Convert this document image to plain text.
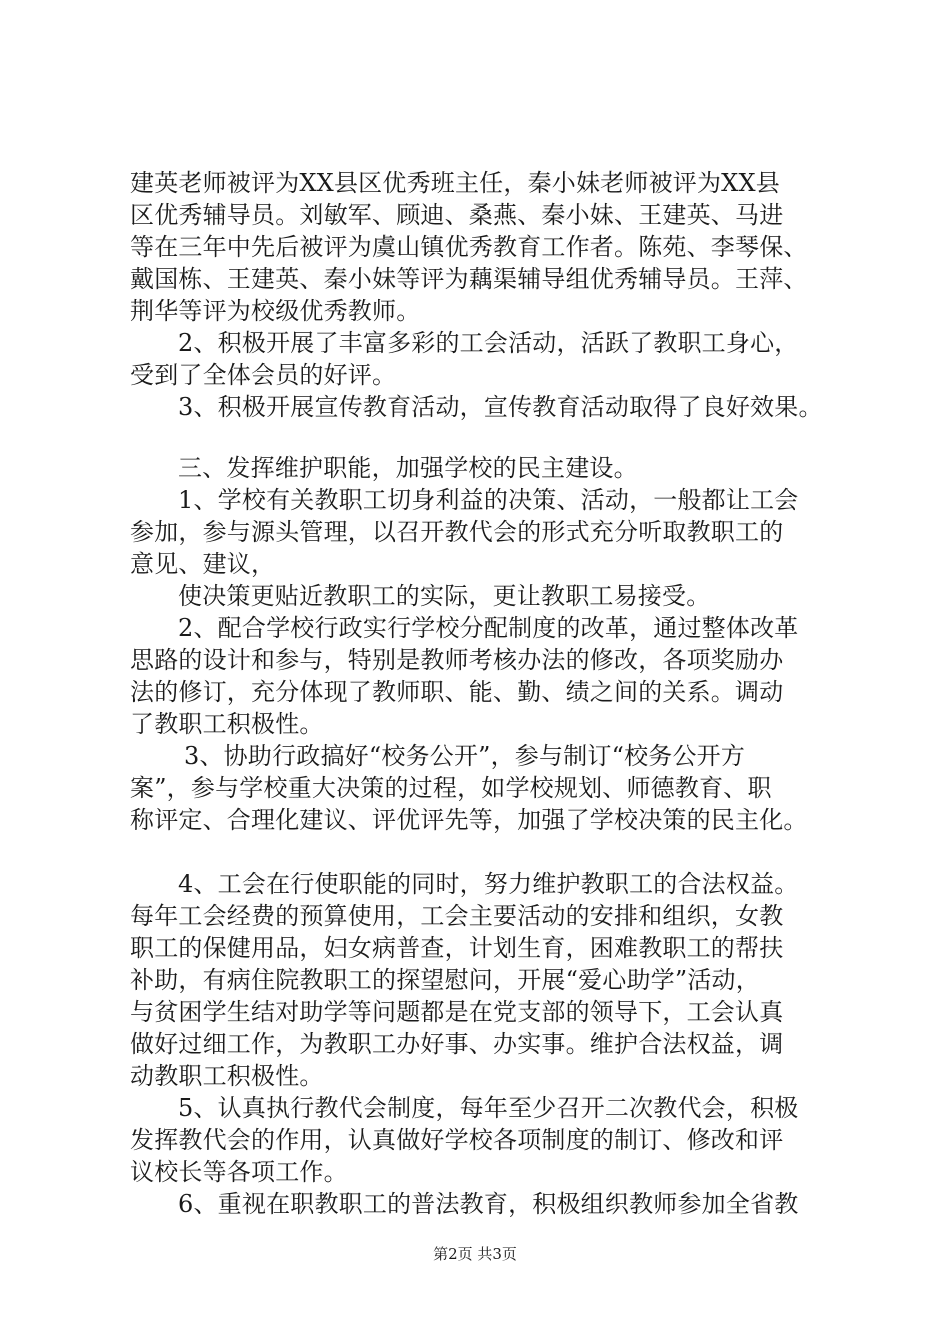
建英老师被评为XX县区优秀班主任，秦小妹老师被评为XX县
区优秀辅导员。刘敏军、顾迪、桑燕、秦小妹、王建英、马进
等在三年中先后被评为虞山镇优秀教育工作者。陈苑、李琴保、
戴国栋、王建英、秦小妹等评为藕渠辅导组优秀辅导员。王萍、
荆华等评为校级优秀教师。
2、积极开展了丰富多彩的工会活动，活跃了教职工身心，
受到了全体会员的好评。
3、积极开展宣传教育活动，宣传教育活动取得了良好效果。
三、发挥维护职能，加强学校的民主建设。
1、学校有关教职工切身利益的决策、活动，一般都让工会
参加，参与源头管理，以召开教代会的形式充分听取教职工的
意见、建议，
使决策更贴近教职工的实际，更让教职工易接受。
2、配合学校行政实行学校分配制度的改革，通过整体改革
思路的设计和参与，特别是教师考核办法的修改，各项奖励办
法的修订，充分体现了教师职、能、勤、绩之间的关系。调动
了教职工积极性。
3、协助行政搞好“校务公开”，参与制订“校务公开方
案”，参与学校重大决策的过程，如学校规划、师德教育、职
称评定、合理化建议、评优评先等，加强了学校决策的民主化。
4、工会在行使职能的同时，努力维护教职工的合法权益。
每年工会经费的预算使用，工会主要活动的安排和组织，女教
职工的保健用品，妇女病普查，计划生育，困难教职工的帮扶
补助，有病住院教职工的探望慰问，开展“爱心助学”活动，
与贫困学生结对助学等问题都是在党支部的领导下，工会认真
做好过细工作，为教职工办好事、办实事。维护合法权益，调
动教职工积极性。
5、认真执行教代会制度，每年至少召开二次教代会，积极
发挥教代会的作用，认真做好学校各项制度的制订、修改和评
议校长等各项工作。
6、重视在职教职工的普法教育，积极组织教师参加全省教
第2页 共3页
